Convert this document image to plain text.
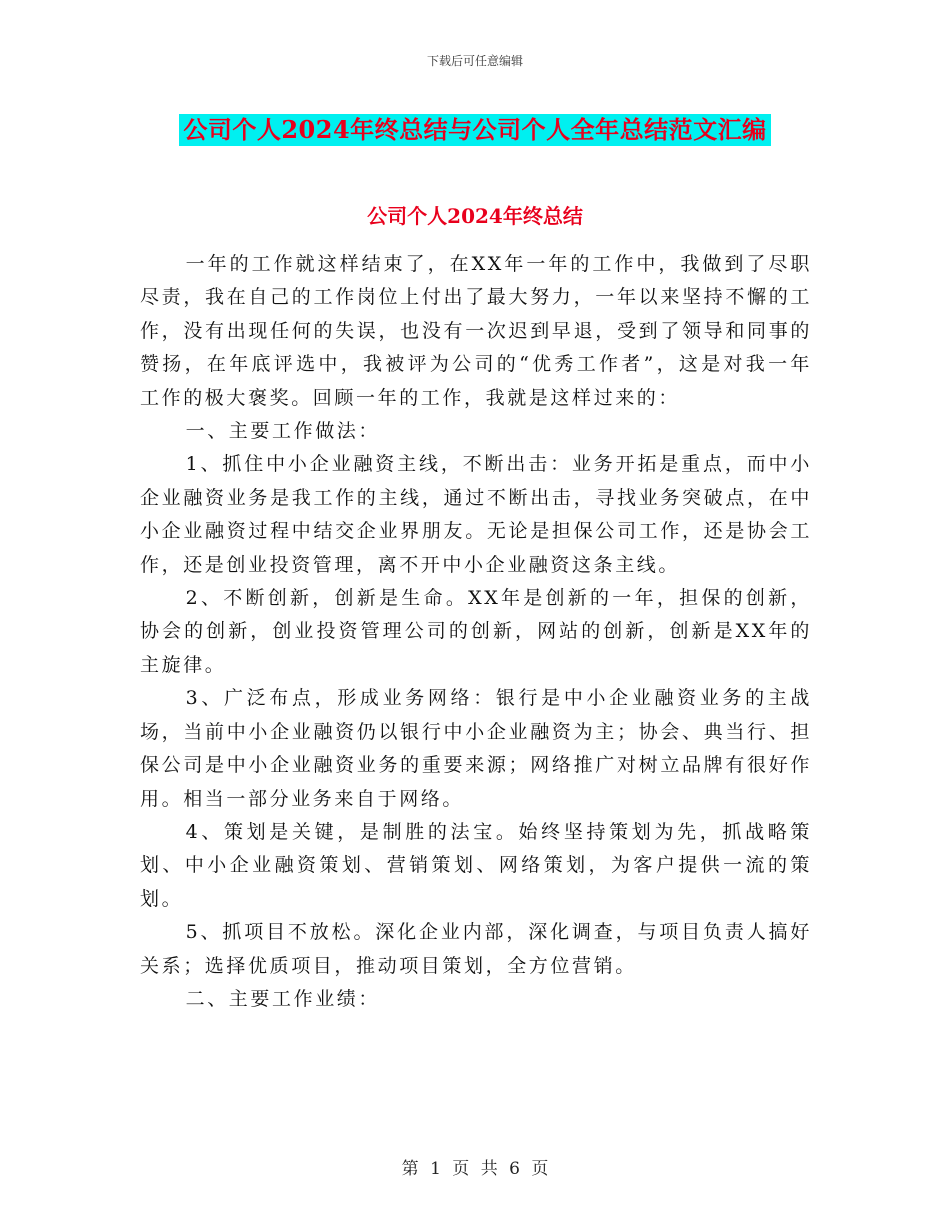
下载后可任意编辑
公司个人2024年终总结与公司个人全年总结范文汇编
公司个人2024年终总结

一年的工作就这样结束了，在XX年一年的工作中，我做到了尽职尽责，我在自己的工作岗位上付出了最大努力，一年以来坚持不懈的工作，没有出现任何的失误，也没有一次迟到早退，受到了领导和同事的赞扬，在年底评选中，我被评为公司的“优秀工作者”，这是对我一年工作的极大褒奖。回顾一年的工作，我就是这样过来的：

一、主要工作做法：

1、抓住中小企业融资主线，不断出击：业务开拓是重点，而中小企业融资业务是我工作的主线，通过不断出击，寻找业务突破点，在中小企业融资过程中结交企业界朋友。无论是担保公司工作，还是协会工作，还是创业投资管理，离不开中小企业融资这条主线。

2、不断创新，创新是生命。XX年是创新的一年，担保的创新，协会的创新，创业投资管理公司的创新，网站的创新，创新是XX年的主旋律。

3、广泛布点，形成业务网络：银行是中小企业融资业务的主战场，当前中小企业融资仍以银行中小企业融资为主；协会、典当行、担保公司是中小企业融资业务的重要来源；网络推广对树立品牌有很好作用。相当一部分业务来自于网络。

4、策划是关键，是制胜的法宝。始终坚持策划为先，抓战略策划、中小企业融资策划、营销策划、网络策划，为客户提供一流的策划。

5、抓项目不放松。深化企业内部，深化调查，与项目负责人搞好关系；选择优质项目，推动项目策划，全方位营销。

二、主要工作业绩：

第 1 页 共 6 页
